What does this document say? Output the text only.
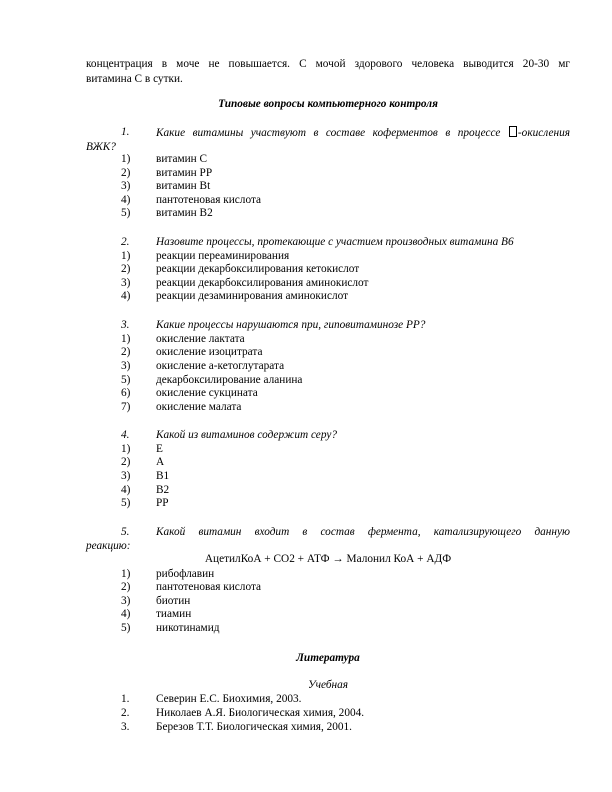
концентрация в моче не повышается. С мочой здорового человека выводится 20-30 мг
витамина С в сутки.
Типовые вопросы компьютерного контроля
1.	Какие витамины участвуют в составе коферментов в процессе -окисления
ВЖК?
1) витамин С
2) витамин РР
3) витамин Вt
4) пантотеновая кислота
5) витамин В2
2.	Назовите процессы, протекающие с участием производных витамина В6
1) реакции переаминирования
2) реакции декарбоксилирования кетокислот
3) реакции декарбоксилирования аминокислот
4) реакции дезаминирования аминокислот
3.	Какие процессы нарушаются при, гиповитаминозе РР?
1) окисление лактата
2) окисление изоцитрата
3) окисление а-кетоглутарата
5) декарбоксилирование аланина
6) окисление сукцината
7) окисление малата
4.	Какой из витаминов содержит серу?
1) Е
2) А
3) В1
4) В2
5) РР
5.	Какой витамин входит в состав фермента, катализирующего данную
реакцию:
АцетилКоА + СО2 + АТФ → Малонил КоА + АДФ
1) рибофлавин
2) пантотеновая кислота
3) биотин
4) тиамин
5) никотинамид
Литература
Учебная
1. Северин Е.С. Биохимия, 2003.
2. Николаев А.Я. Биологическая химия, 2004.
3. Березов Т.Т. Биологическая химия, 2001.
